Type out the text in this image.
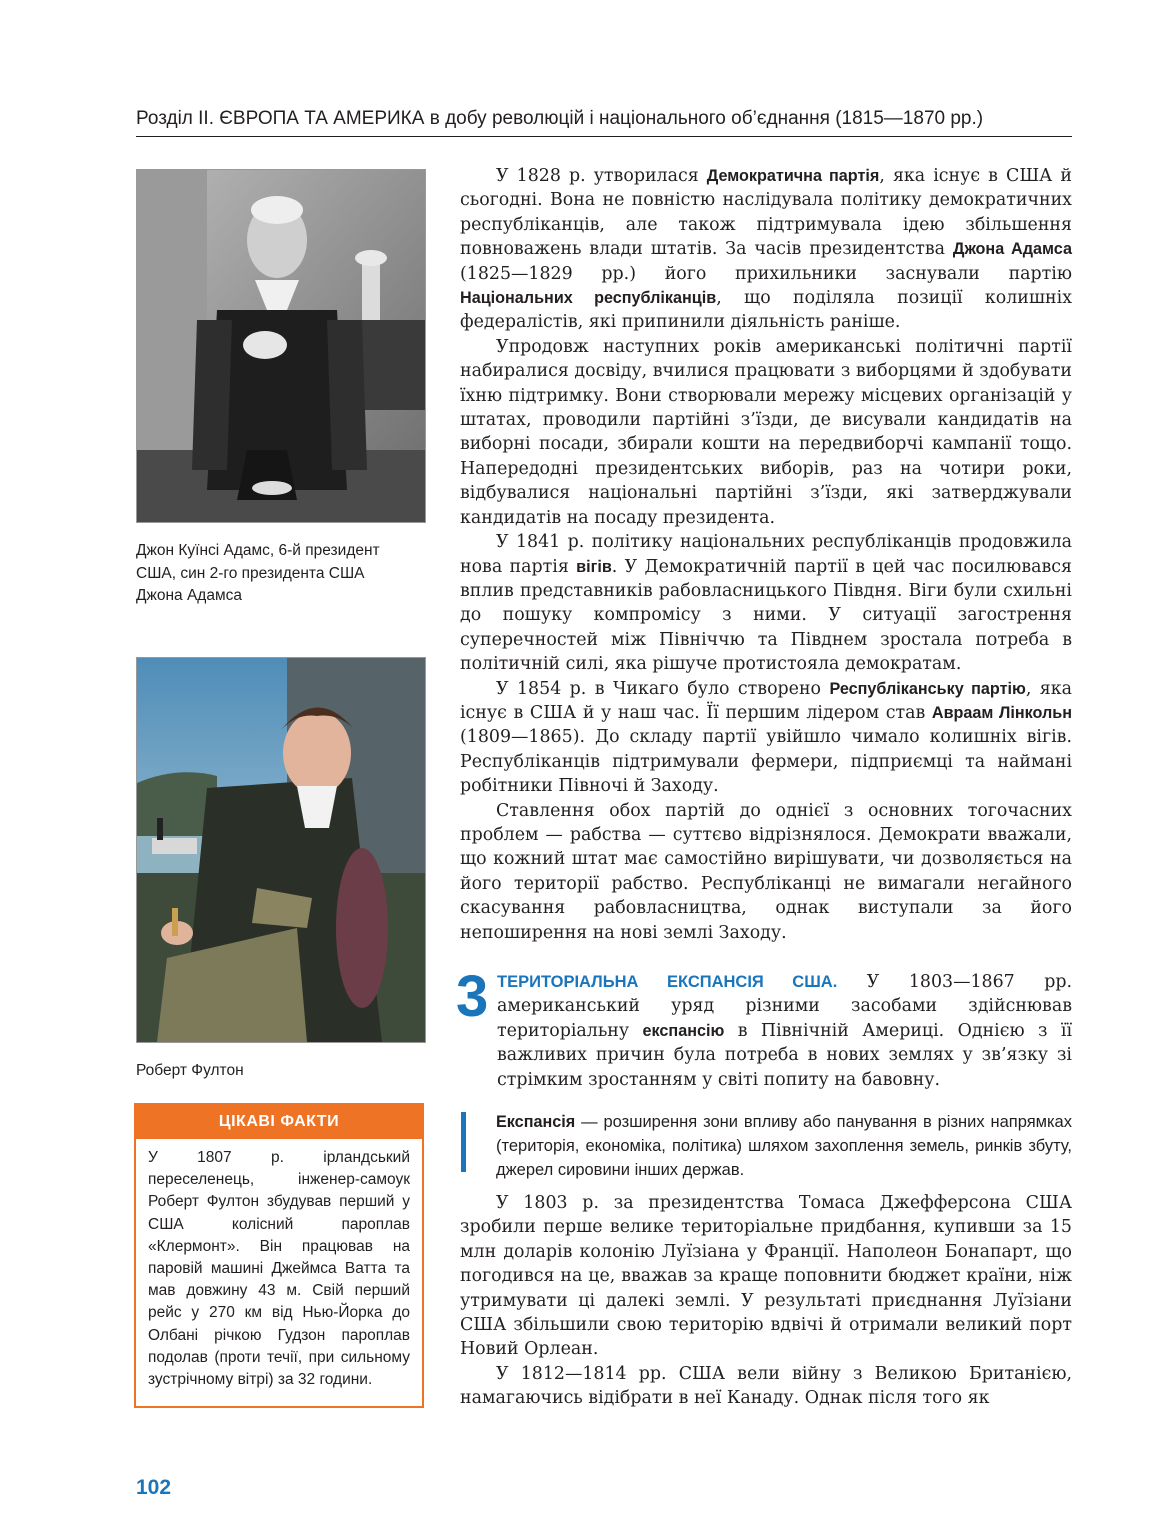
Розділ ІІ. ЄВРОПА ТА АМЕРИКА в добу революцій і національного об’єднання (1815—1870 рр.)
Джон Куїнсі Адамс, 6-й президент
США, син 2-го президента США
Джона Адамса
Роберт Фултон
ЦІКАВІ ФАКТИ
У 1807 р. ірландський переселенець, інженер-самоук Роберт Фултон збудував перший у США колісний пароплав «Клермонт». Він працював на паровій машині Джеймса Ватта та мав довжину 43 м. Свій перший рейс у 270 км від Нью-Йорка до Олбані річкою Гудзон пароплав подолав (проти течії, при сильному зустрічному вітрі) за 32 години.

У 1828 р. утворилася Демократична партія, яка існує в США й сьогодні. Вона не повністю наслідувала політику демократичних республіканців, але також підтримувала ідею збільшення повноважень влади штатів. За часів президентства Джона Адамса (1825—1829 рр.) його прихильники заснували партію Національних республіканців, що поділяла позиції колишніх федералістів, які припинили діяльність раніше.

Упродовж наступних років американські політичні партії набиралися досвіду, вчилися працювати з виборцями й здобувати їхню підтримку. Вони створювали мережу місцевих організацій у штатах, проводили партійні з’їзди, де висували кандидатів на виборні посади, збирали кошти на передвиборчі кампанії тощо. Напередодні президентських виборів, раз на чотири роки, відбувалися національні партійні з’їзди, які затверджували кандидатів на посаду президента.

У 1841 р. політику національних республіканців продовжила нова партія вігів. У Демократичній партії в цей час посилювався вплив представників рабовласницького Півдня. Віги були схильні до пошуку компромісу з ними. У ситуації загострення суперечностей між Північчю та Півднем зростала потреба в політичній силі, яка рішуче протистояла демократам.

У 1854 р. в Чикаго було створено Республіканську партію, яка існує в США й у наш час. Її першим лідером став Авраам Лінкольн (1809—1865). До складу партії увійшло чимало колишніх вігів. Республіканців підтримували фермери, підприємці та наймані робітники Півночі й Заходу.

Ставлення обох партій до однієї з основних тогочасних проблем — рабства — суттєво відрізнялося. Демократи вважали, що кожний штат має самостійно вирішувати, чи дозволяється на його території рабство. Республіканці не вимагали негайного скасування рабовласництва, однак виступали за його непоширення на нові землі Заходу.

3 ТЕРИТОРІАЛЬНА ЕКСПАНСІЯ США. У 1803—1867 рр. американський уряд різними засобами здійснював територіальну експансію в Північній Америці. Однією з її важливих причин була потреба в нових землях у зв’язку зі стрімким зростанням у світі попиту на бавовну.

Експансія — розширення зони впливу або панування в різних напрямках (територія, економіка, політика) шляхом захоплення земель, ринків збуту, джерел сировини інших держав.

У 1803 р. за президентства Томаса Джефферсона США зробили перше велике територіальне придбання, купивши за 15 млн доларів колонію Луїзіана у Франції. Наполеон Бонапарт, що погодився на це, вважав за краще поповнити бюджет країни, ніж утримувати ці далекі землі. У результаті приєднання Луїзіани США збільшили свою територію вдвічі й отримали великий порт Новий Орлеан.

У 1812—1814 рр. США вели війну з Великою Британією, намагаючись відібрати в неї Канаду. Однак після того як

102
